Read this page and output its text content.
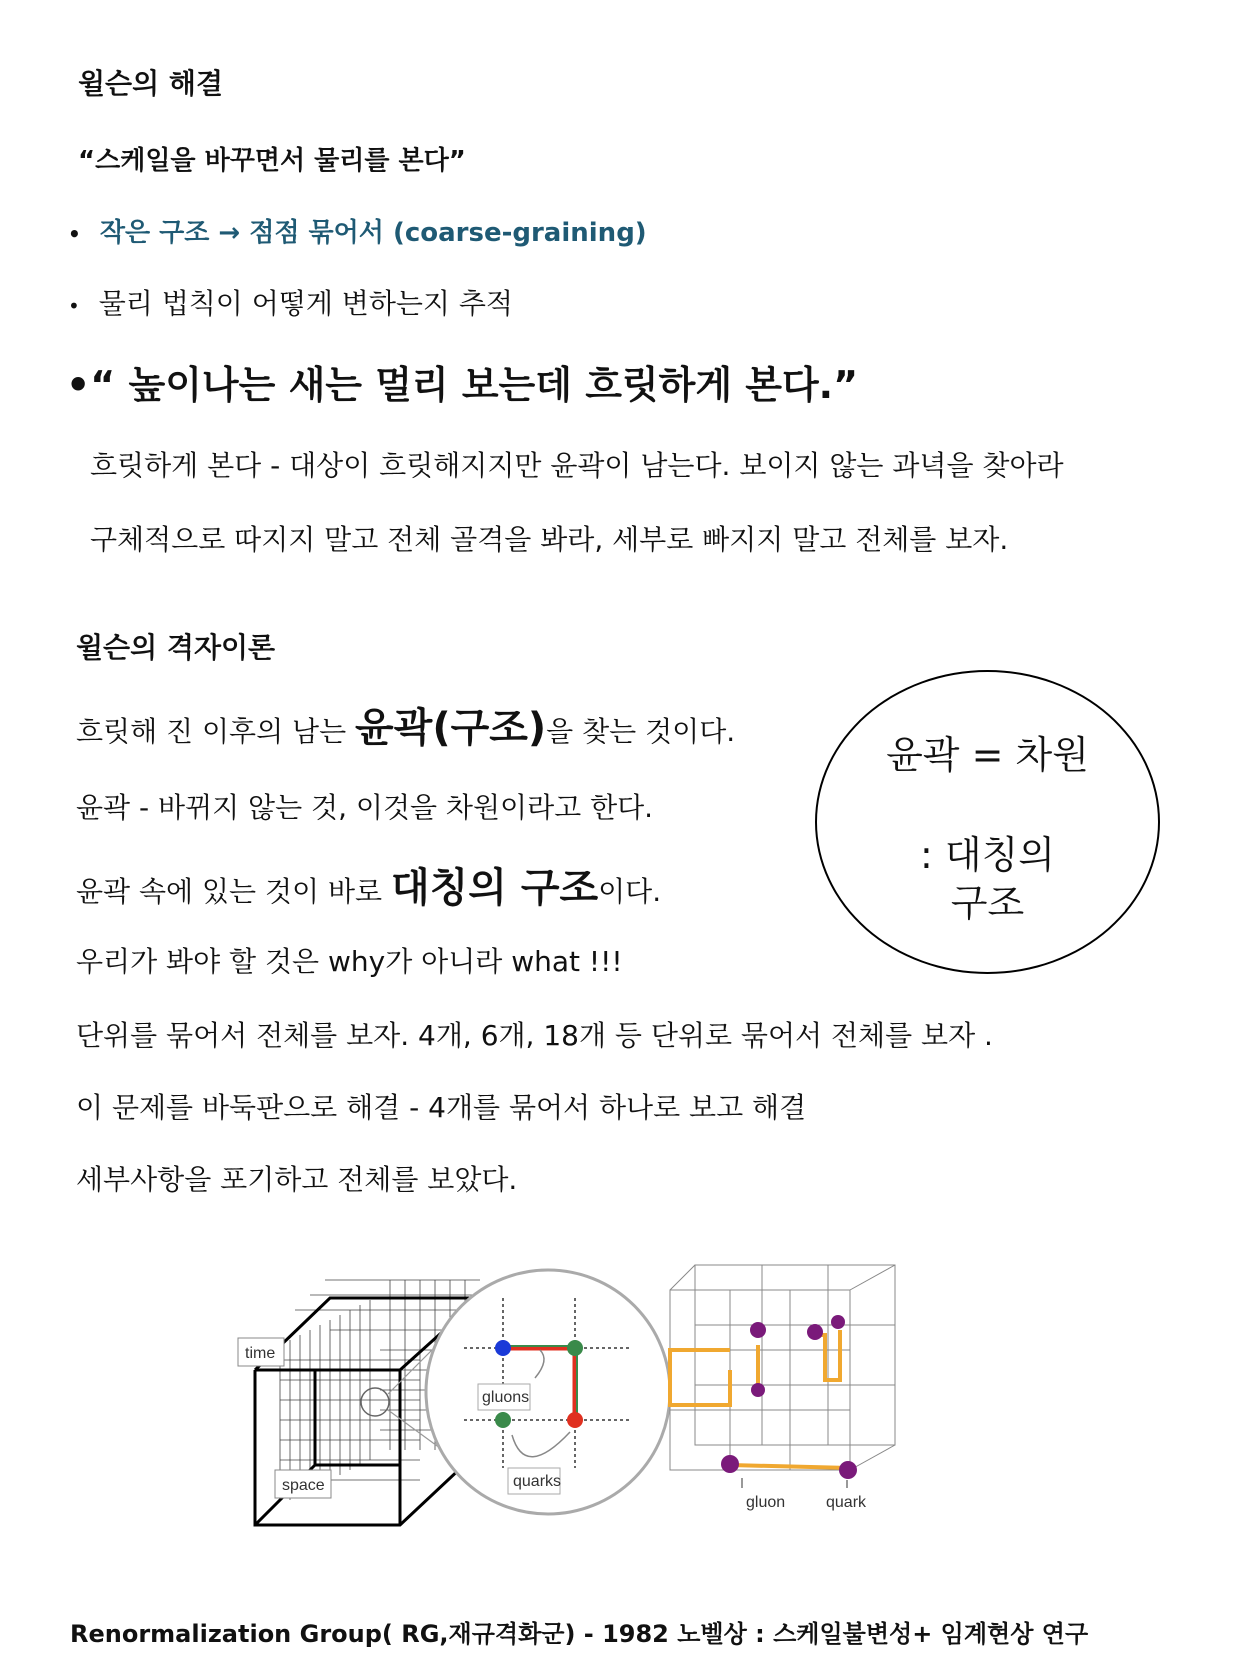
윌슨의 해결
“스케일을 바꾸면서 물리를 본다”
• 작은 구조 → 점점 묶어서 (coarse-graining)
• 물리 법칙이 어떻게 변하는지 추적
•“ 높이나는 새는 멀리 보는데 흐릿하게 본다.”
흐릿하게 본다 - 대상이 흐릿해지지만 윤곽이 남는다. 보이지 않는 과녁을 찾아라
구체적으로 따지지 말고 전체 골격을 봐라, 세부로 빠지지 말고 전체를 보자.
윌슨의 격자이론
흐릿해 진 이후의 남는 윤곽(구조)을 찾는 것이다.
윤곽 - 바뀌지 않는 것, 이것을 차원이라고 한다.
윤곽 속에 있는 것이 바로 대칭의 구조이다.
우리가 봐야 할 것은 why가 아니라 what !!!
단위를 묶어서 전체를 보자. 4개, 6개, 18개 등 단위로 묶어서 전체를 보자 .
이 문제를 바둑판으로 해결 - 4개를 묶어서 하나로 보고 해결
세부사항을 포기하고 전체를 보았다.
윤곽 = 차원
: 대칭의
구조
time
space
gluons
quarks
gluon	quark
Renormalization Group( RG,재규격화군) - 1982 노벨상 : 스케일불변성+ 임계현상 연구
